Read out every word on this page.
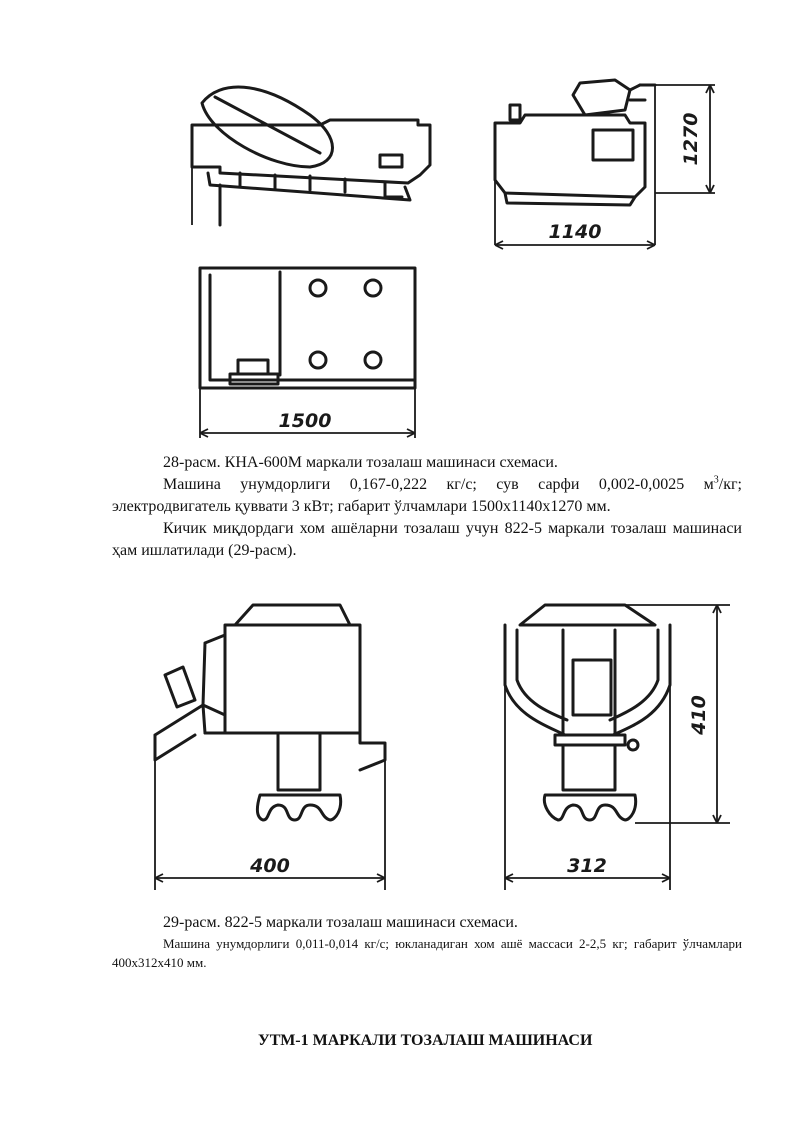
1140
1270
1500
28-расм. КНА-600М маркали тозалаш машинаси схемаси.
Машина унумдорлиги 0,167-0,222 кг/с; сув сарфи 0,002-0,0025 $м^3/кг$; электродвигатель қуввати 3 кВт; габарит ўлчамлари 1500х1140х1270 мм.
Кичик миқдордаги хом ашёларни тозалаш учун 822-5 маркали тозалаш машинаси ҳам ишлатилади (29-расм).
400	312
410
29-расм. 822-5 маркали тозалаш машинаси схемаси.
Машина унумдорлиги 0,011-0,014 кг/с; юкланадиган хом ашё массаси 2-2,5 кг; габарит ўлчамлари 400х312х410 мм.
УТМ-1 МАРКАЛИ ТОЗАЛАШ МАШИНАСИ
